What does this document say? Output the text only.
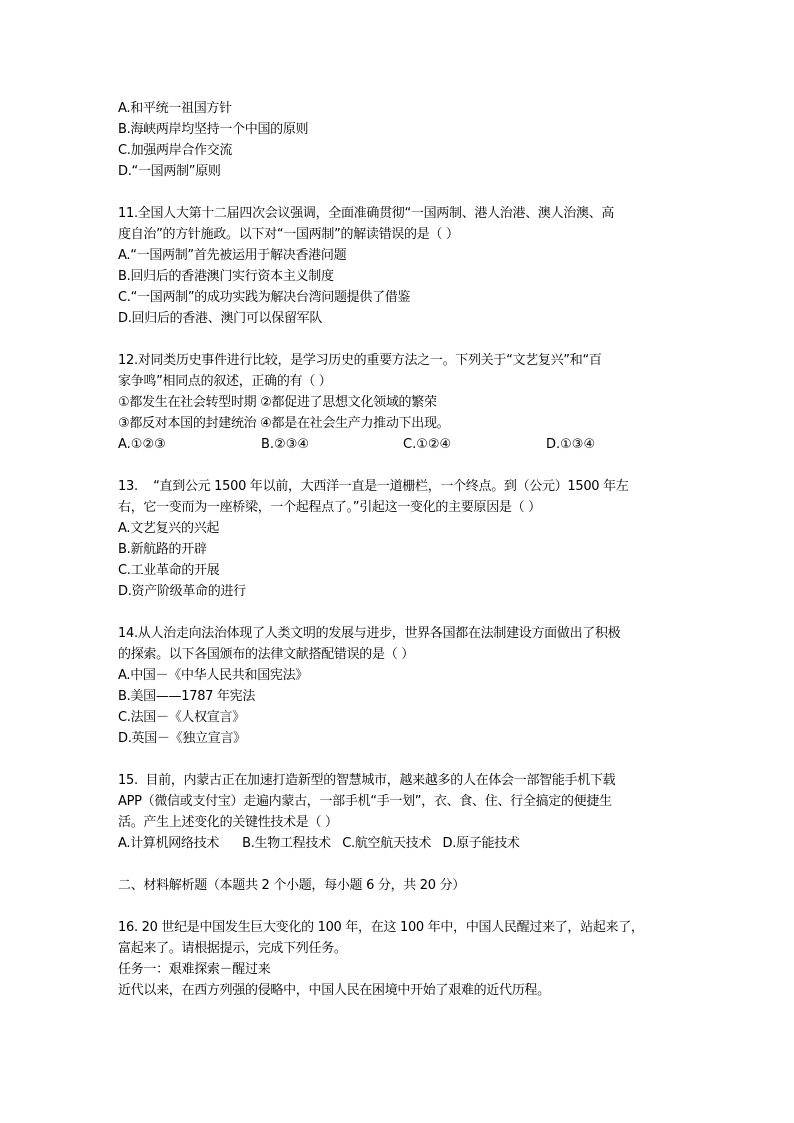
A.和平统一祖国方针
B.海峡两岸均坚持一个中国的原则
C.加强两岸合作交流
D.“一国两制”原则
11.全国人大第十二届四次会议强调，全面准确贯彻“一国两制、港人治港、澳人治澳、高
度自治”的方针施政。以下对“一国两制”的解读错误的是（ ）
A.“一国两制”首先被运用于解决香港问题
B.回归后的香港澳门实行资本主义制度
C.“一国两制”的成功实践为解决台湾问题提供了借鉴
D.回归后的香港、澳门可以保留军队
12.对同类历史事件进行比较，是学习历史的重要方法之一。下列关于“文艺复兴”和“百
家争鸣”相同点的叙述，正确的有（ ）
①都发生在社会转型时期 ②都促进了思想文化领域的繁荣
③都反对本国的封建统治 ④都是在社会生产力推动下出现。
A.①②③	B.②③④	C.①②④	D.①③④
13.    “直到公元 1500 年以前，大西洋一直是一道栅栏，一个终点。到（公元）1500 年左
右，它一变而为一座桥梁，一个起程点了。”引起这一变化的主要原因是（ ）
A.文艺复兴的兴起
B.新航路的开辟
C.工业革命的开展
D.资产阶级革命的进行
14.从人治走向法治体现了人类文明的发展与进步，世界各国都在法制建设方面做出了积极
的探索。以下各国颁布的法律文献搭配错误的是（ ）
A.中国－《中华人民共和国宪法》
B.美国——1787 年宪法
C.法国－《人权宣言》
D.英国－《独立宣言》
15.  目前，内蒙古正在加速打造新型的智慧城市，越来越多的人在体会一部智能手机下载
APP（微信或支付宝）走遍内蒙古，一部手机“手一划”，衣、食、住、行全搞定的便捷生
活。产生上述变化的关键性技术是（ ）
A.计算机网络技术      B.生物工程技术   C.航空航天技术   D.原子能技术
二、材料解析题（本题共 2 个小题，每小题 6 分，共 20 分）
16. 20 世纪是中国发生巨大变化的 100 年，在这 100 年中，中国人民醒过来了，站起来了，
富起来了。请根据提示，完成下列任务。
任务一：艰难探索－醒过来
近代以来，在西方列强的侵略中，中国人民在困境中开始了艰难的近代历程。
